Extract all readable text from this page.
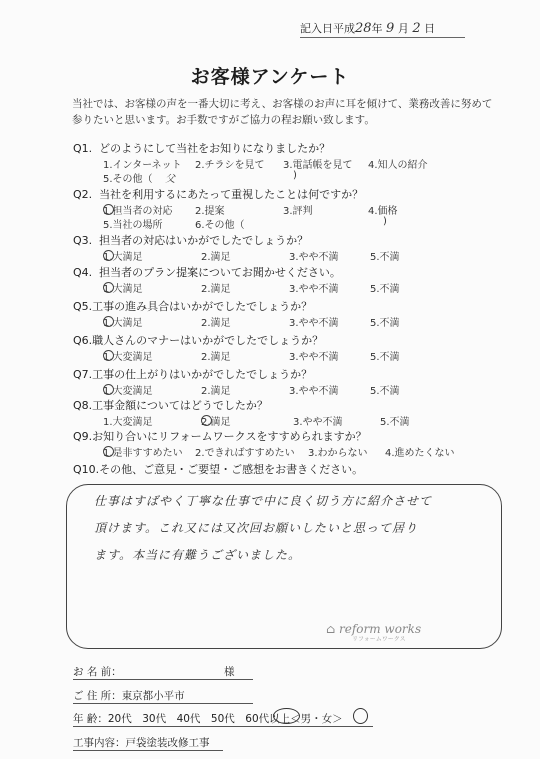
記入日平成28年 9 月 2 日
お客様アンケート
当社では、お客様の声を一番大切に考え、お客様のお声に耳を傾けて、業務改善に努めて
参りたいと思います。お手数ですがご協力の程お願い致します。
Q1. どのようにして当社をお知りになりましたか？
1.インターネット 2.チラシを見て 3.電話帳を見て 4.知人の紹介
5.その他（ 父	)
Q2. 当社を利用するにあたって重視したことは何ですか？
1.担当者の対応 2.提案	3.評判	4.価格
5.当社の場所	6.その他（	)
Q3. 担当者の対応はいかがでしたでしょうか？
1.大満足	2.満足	3.やや不満	5.不満
Q4. 担当者のプラン提案についてお聞かせください。
1.大満足	2.満足	3.やや不満	5.不満
Q5.工事の進み具合はいかがでしたでしょうか？
1.大満足	2.満足	3.やや不満	5.不満
Q6.職人さんのマナーはいかがでしたでしょうか？
1.大変満足	2.満足	3.やや不満	5.不満
Q7.工事の仕上がりはいかがでしたでしょうか？
1.大変満足	2.満足	3.やや不満	5.不満
Q8.工事金額についてはどうでしたか？
1.大変満足	2.満足	3.やや不満	5.不満
Q9.お知り合いにリフォームワークスをすすめられますか？
1.是非すすめたい 2.できればすすめたい 3.わからない 4.進めたくない
Q10.その他、ご意見・ご要望・ご感想をお書きください。
仕事はすばやく丁寧な仕事で中に良く切う方に紹介させて
頂けます。これ又には又次回お願いしたいと思って居り
ます。本当に有難うございました。
⌂ reform works
リフォームワークス
お 名 前：	様
ご 住 所：東京都小平市
年 齢：20代　30代　40代　50代　60代以上＜男・女＞
工事内容：戸袋塗装改修工事
